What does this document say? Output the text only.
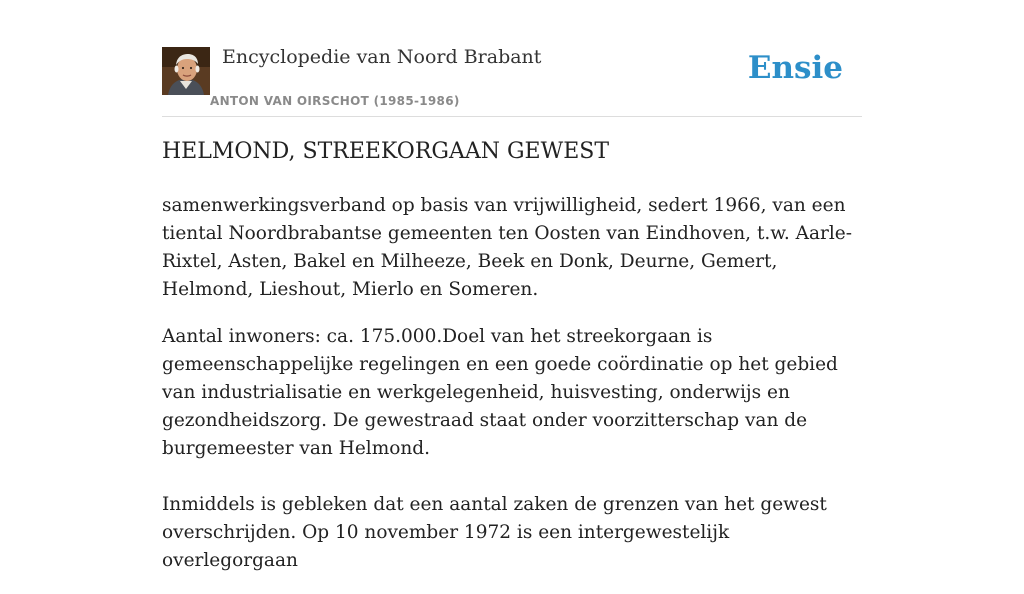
Encyclopedie van Noord Brabant
ANTON VAN OIRSCHOT (1985-1986)
Ensie
HELMOND, STREEKORGAAN GEWEST

samenwerkingsverband op basis van vrijwilligheid, sedert 1966, van een tiental Noordbrabantse gemeenten ten Oosten van Eindhoven, t.w. Aarle-Rixtel, Asten, Bakel en Milheeze, Beek en Donk, Deurne, Gemert, Helmond, Lieshout, Mierlo en Someren.

Aantal inwoners: ca. 175.000.Doel van het streekorgaan is gemeenschappelijke regelingen en een goede coördinatie op het gebied van industrialisatie en werkgelegenheid, huisvesting, onderwijs en gezondheidszorg. De gewestraad staat onder voorzitterschap van de burgemeester van Helmond.

Inmiddels is gebleken dat een aantal zaken de grenzen van het gewest overschrijden. Op 10 november 1972 is een intergewestelijk overlegorgaan
